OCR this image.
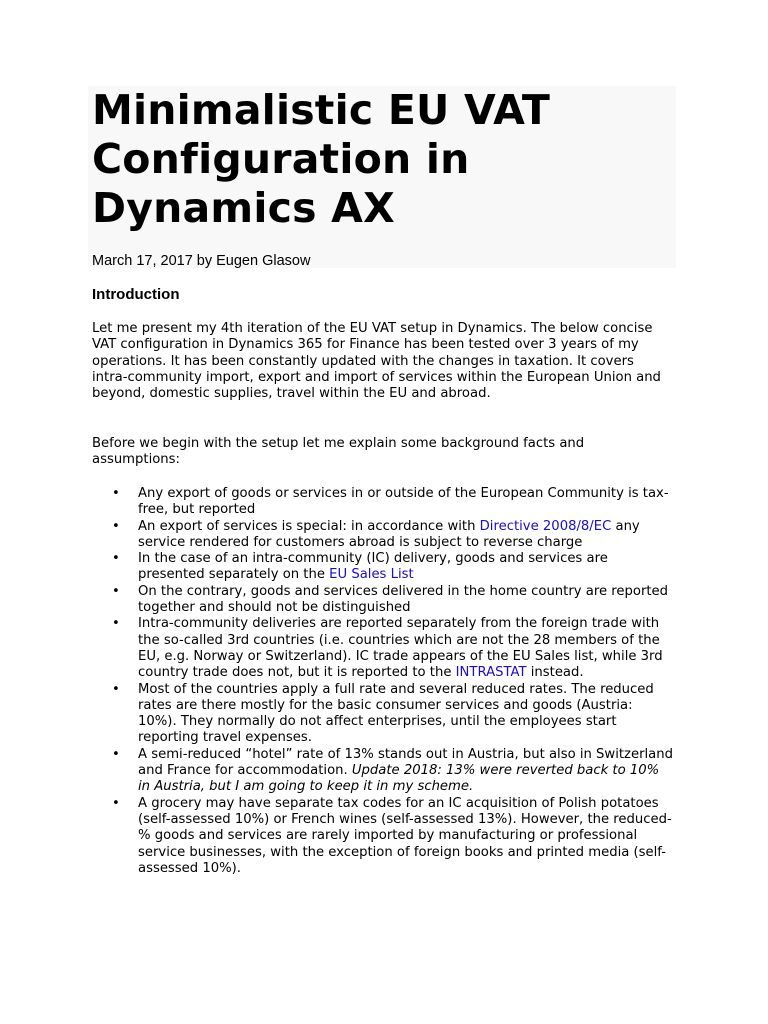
Minimalistic EU VAT Configuration in Dynamics AX
March 17, 2017 by Eugen Glasow
Introduction

Let me present my 4th iteration of the EU VAT setup in Dynamics. The below concise VAT configuration in Dynamics 365 for Finance has been tested over 3 years of my operations. It has been constantly updated with the changes in taxation. It covers intra-community import, export and import of services within the European Union and beyond, domestic supplies, travel within the EU and abroad.

Before we begin with the setup let me explain some background facts and assumptions:

• Any export of goods or services in or outside of the European Community is tax-free, but reported
• An export of services is special: in accordance with Directive 2008/8/EC any service rendered for customers abroad is subject to reverse charge
• In the case of an intra-community (IC) delivery, goods and services are presented separately on the EU Sales List
• On the contrary, goods and services delivered in the home country are reported together and should not be distinguished
• Intra-community deliveries are reported separately from the foreign trade with the so-called 3rd countries (i.e. countries which are not the 28 members of the EU, e.g. Norway or Switzerland). IC trade appears of the EU Sales list, while 3rd country trade does not, but it is reported to the INTRASTAT instead.
• Most of the countries apply a full rate and several reduced rates. The reduced rates are there mostly for the basic consumer services and goods (Austria: 10%). They normally do not affect enterprises, until the employees start reporting travel expenses.
• A semi-reduced “hotel” rate of 13% stands out in Austria, but also in Switzerland and France for accommodation. Update 2018: 13% were reverted back to 10% in Austria, but I am going to keep it in my scheme.
• A grocery may have separate tax codes for an IC acquisition of Polish potatoes (self-assessed 10%) or French wines (self-assessed 13%). However, the reduced-% goods and services are rarely imported by manufacturing or professional service businesses, with the exception of foreign books and printed media (self-assessed 10%).
